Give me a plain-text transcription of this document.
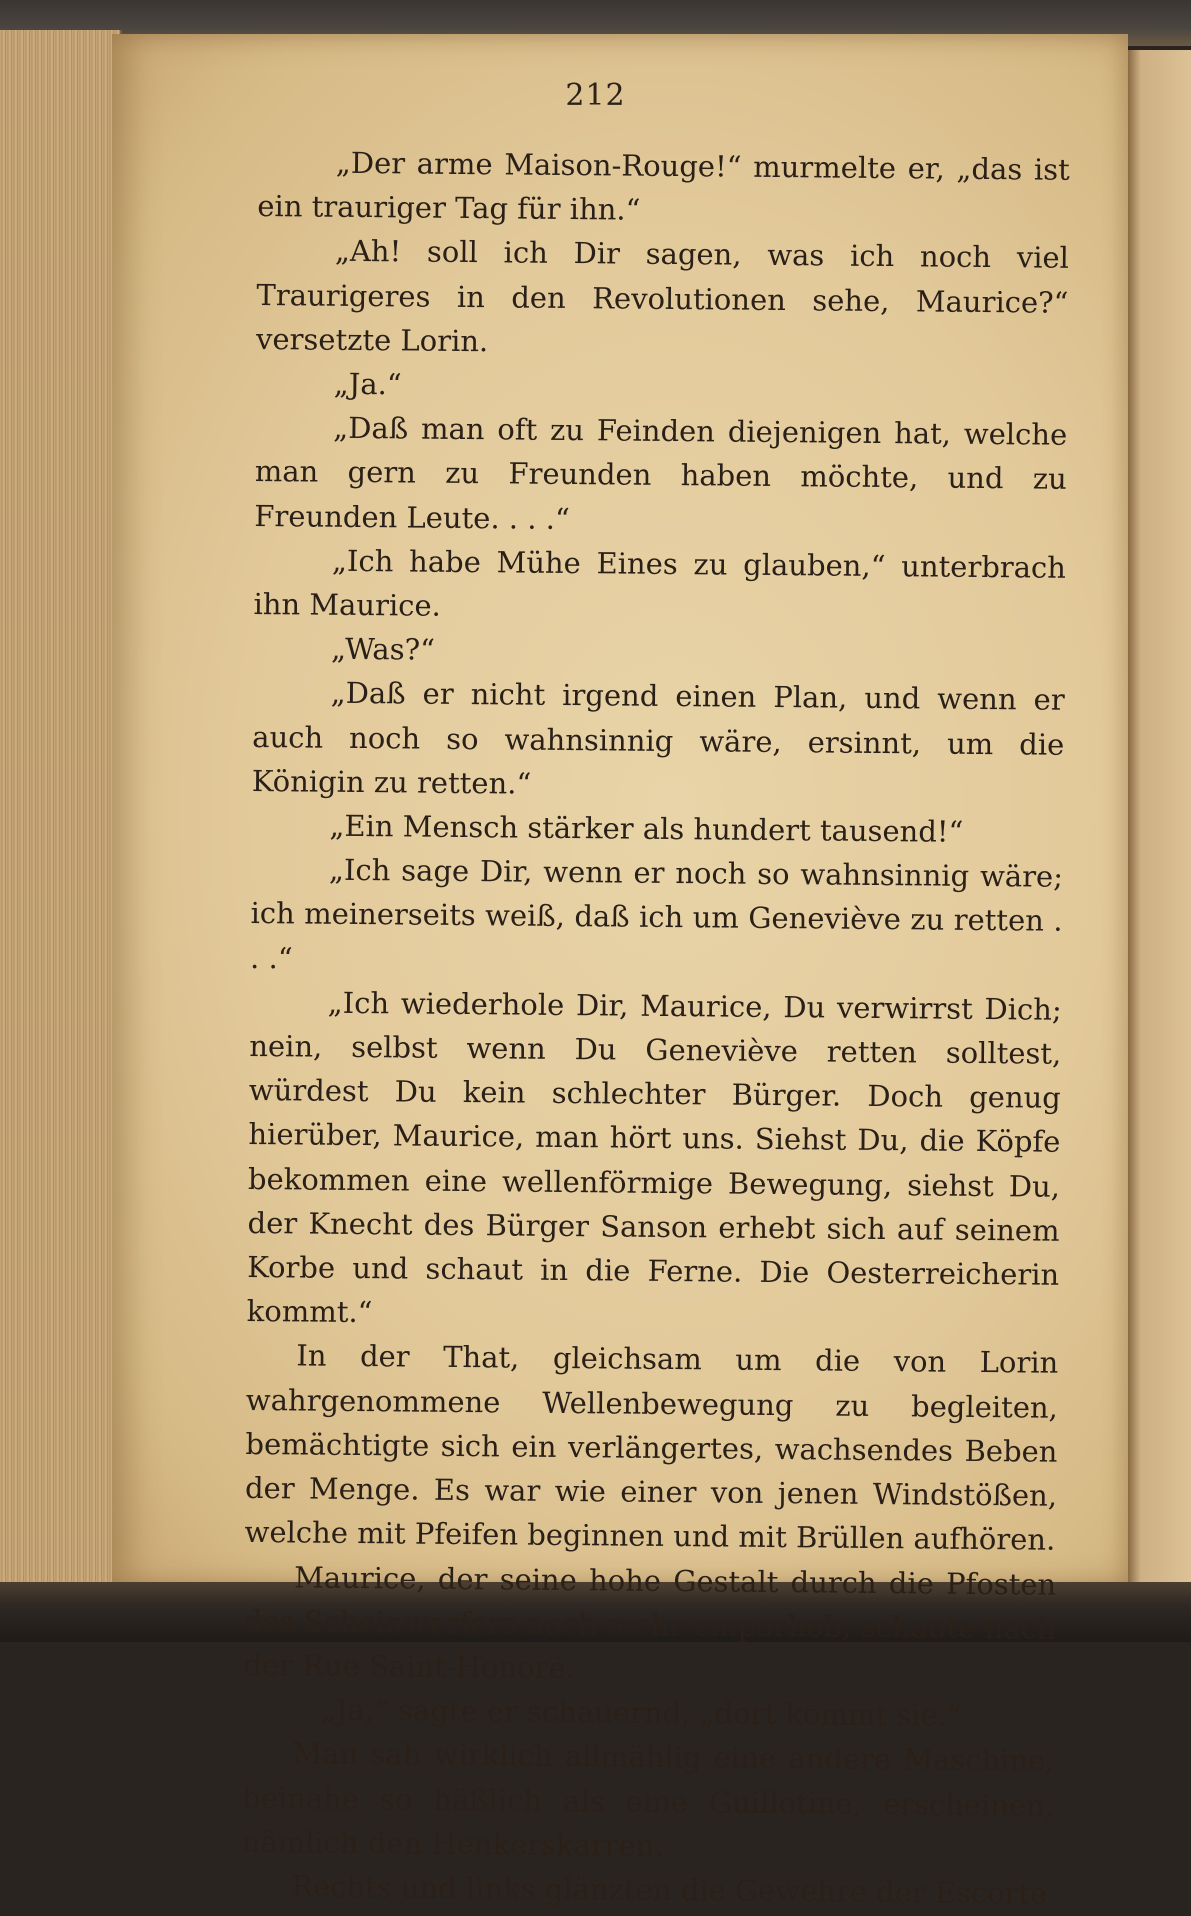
212

„Der arme Maison-Rouge!“ murmelte er, „das ist ein trauriger Tag für ihn.“

„Ah! soll ich Dir sagen, was ich noch viel Traurigeres in den Revolutionen sehe, Maurice?“ versetzte Lorin.

„Ja.“

„Daß man oft zu Feinden diejenigen hat, welche man gern zu Freunden haben möchte, und zu Freunden Leute. . . .“

„Ich habe Mühe Eines zu glauben,“ unterbrach ihn Maurice.

„Was?“

„Daß er nicht irgend einen Plan, und wenn er auch noch so wahnsinnig wäre, ersinnt, um die Königin zu retten.“

„Ein Mensch stärker als hundert tausend!“

„Ich sage Dir, wenn er noch so wahnsinnig wäre; ich meinerseits weiß, daß ich um Geneviève zu retten . . .“

„Ich wiederhole Dir, Maurice, Du verwirrst Dich; nein, selbst wenn Du Geneviève retten solltest, würdest Du kein schlechter Bürger. Doch genug hierüber, Maurice, man hört uns. Siehst Du, die Köpfe bekommen eine wellenförmige Bewegung, siehst Du, der Knecht des Bürger Sanson erhebt sich auf seinem Korbe und schaut in die Ferne. Die Oesterreicherin kommt.“

In der That, gleichsam um die von Lorin wahrgenommene Wellenbewegung zu begleiten, bemächtigte sich ein verlängertes, wachsendes Beben der Menge. Es war wie einer von jenen Windstößen, welche mit Pfeifen beginnen und mit Brüllen aufhören.

Maurice, der seine hohe Gestalt durch die Pfosten des Scheinwerfers noch mehr emporhob, schaute nach der Rue Saint-Honoré.

„Ja,“ sagte er schauernd, „dort kommt sie.“

Man sah wirklich allmählig eine andere Maschine, beinahe so häßlich als eine Guillotine, erscheinen, nämlich den Henkerskarren.

Rechts und links glänzten die Gewehre der Escorte
